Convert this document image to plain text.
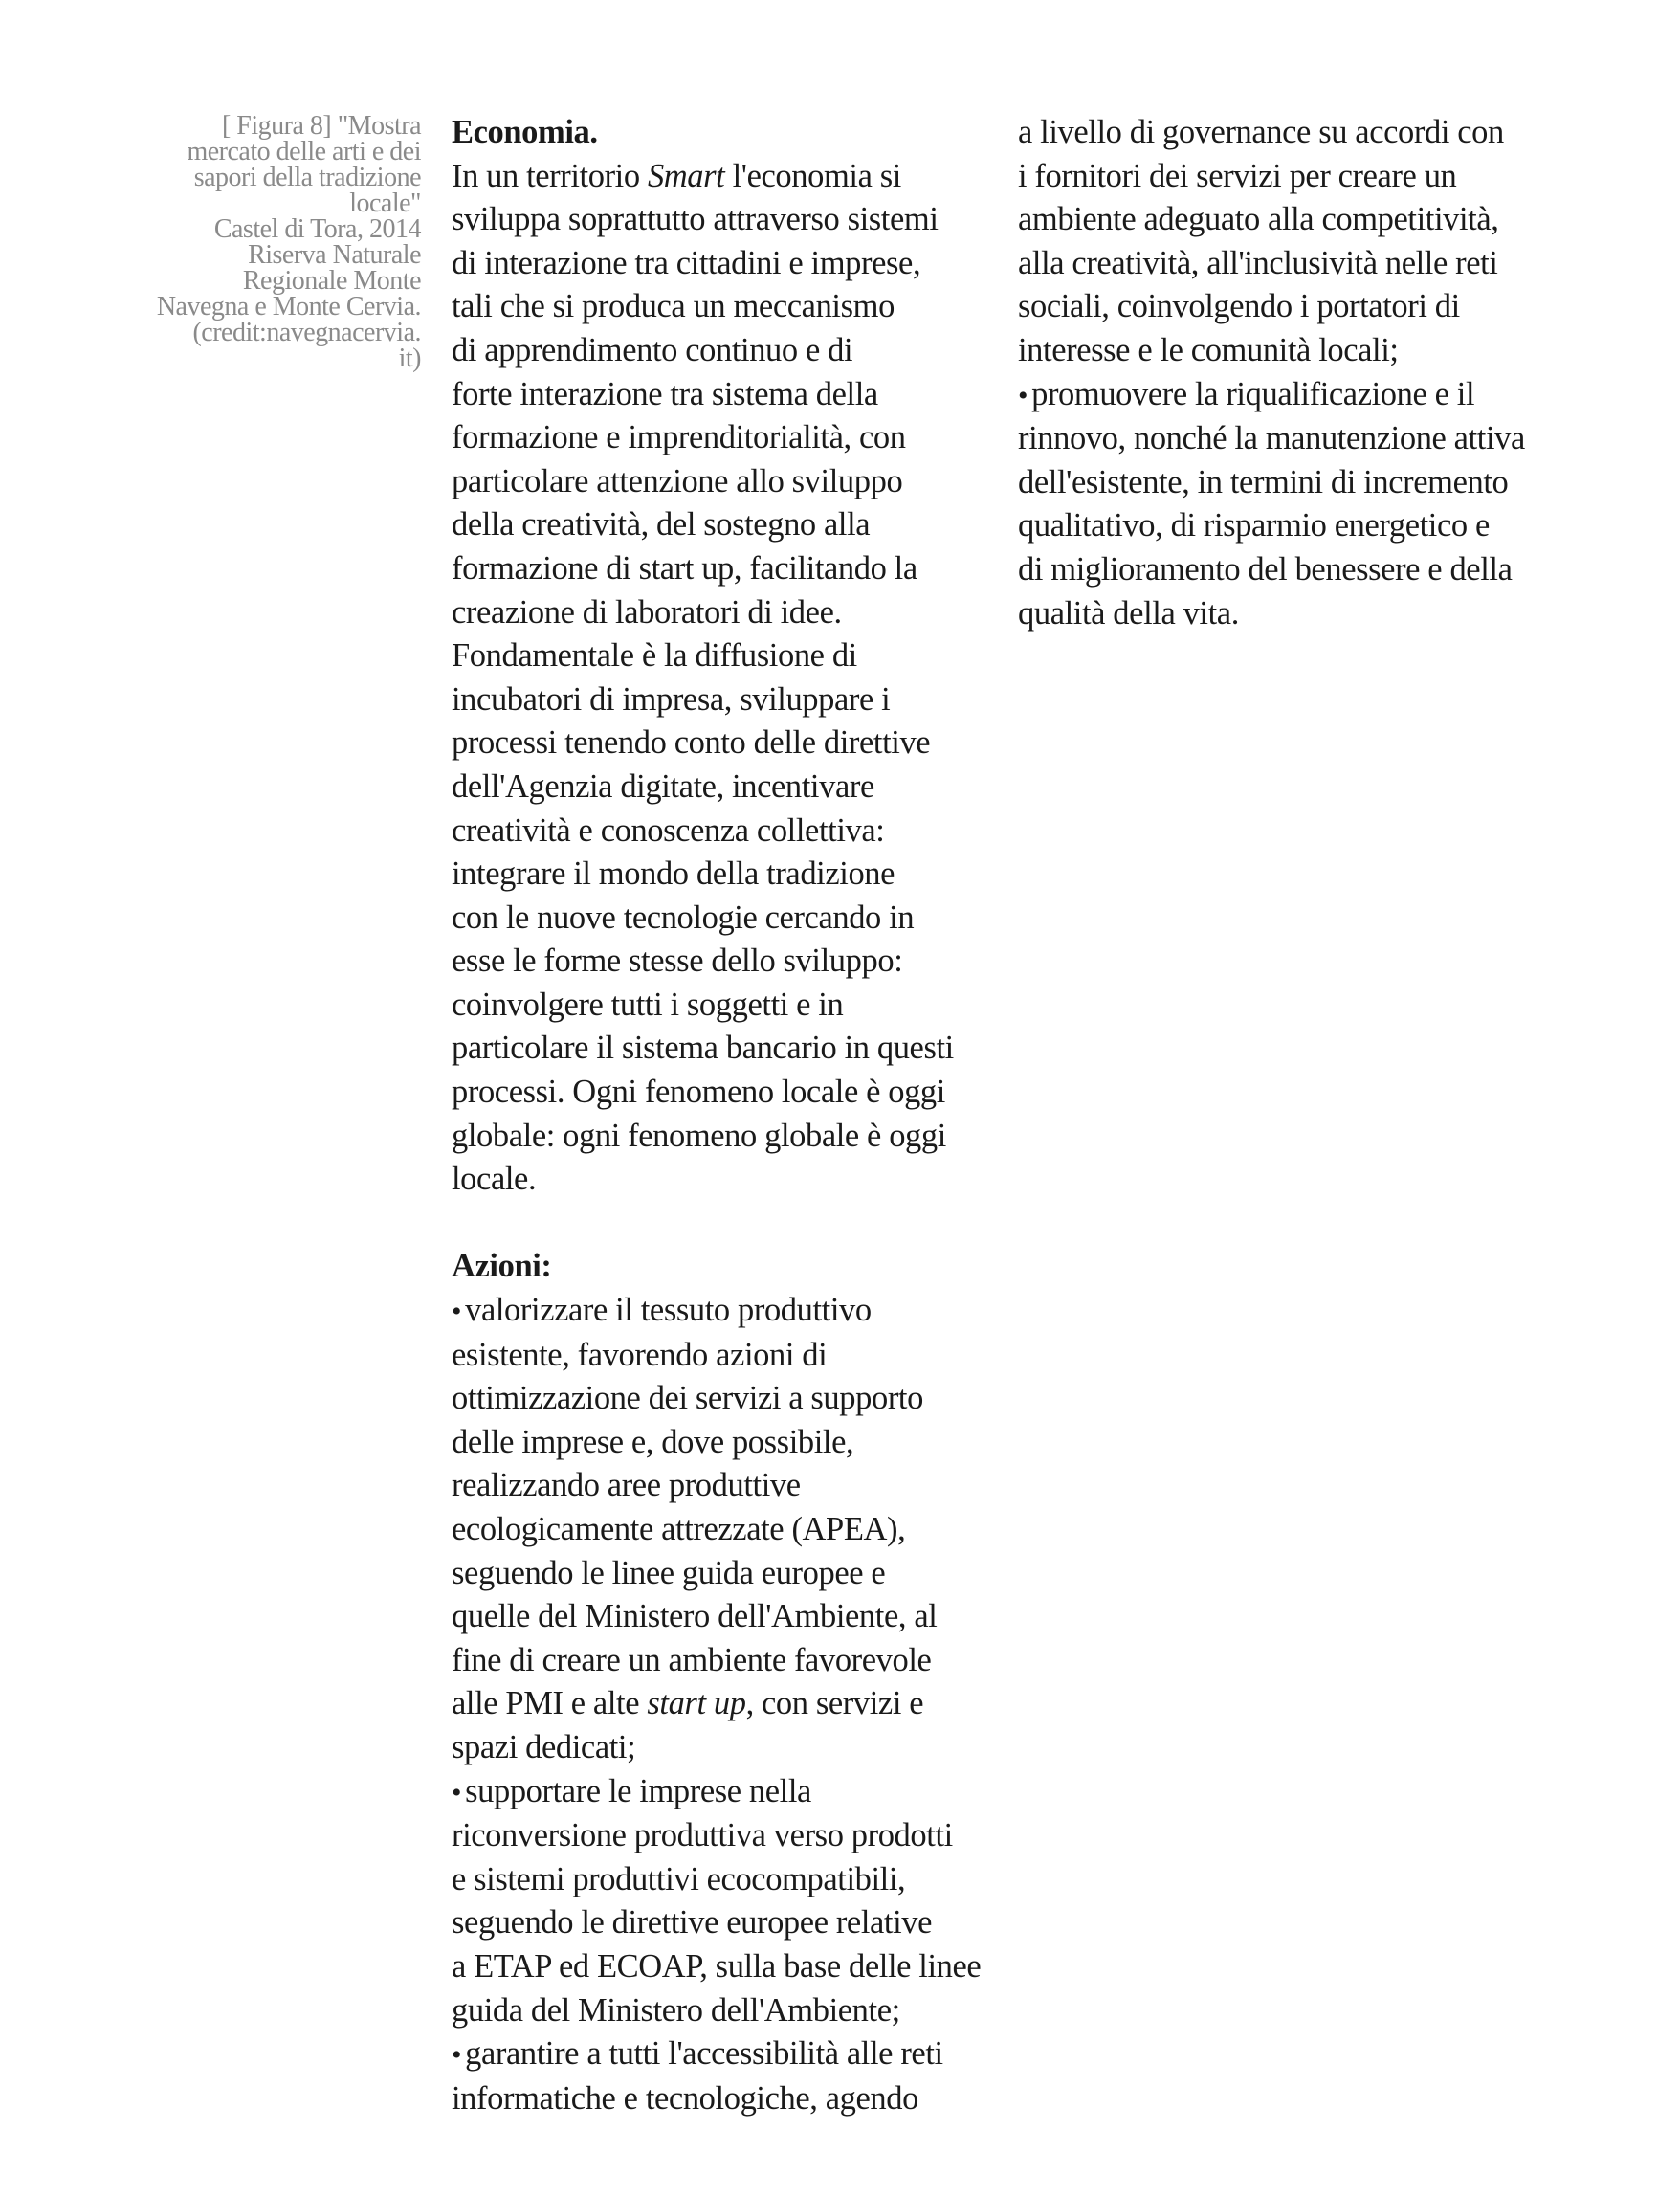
[ Figura 8] "Mostra
mercato delle arti e dei
sapori della tradizione
locale"
Castel di Tora, 2014
Riserva Naturale
Regionale Monte
Navegna e Monte Cervia.
(credit:navegnacervia.
it)
Economia.
In un territorio Smart l'economia si
sviluppa soprattutto attraverso sistemi
di interazione tra cittadini e imprese,
tali che si produca un meccanismo
di apprendimento continuo e di
forte interazione tra sistema della
formazione e imprenditorialità, con
particolare attenzione allo sviluppo
della creatività, del sostegno alla
formazione di start up, facilitando la
creazione di laboratori di idee.
Fondamentale è la diffusione di
incubatori di impresa, sviluppare i
processi tenendo conto delle direttive
dell'Agenzia digitate, incentivare
creatività e conoscenza collettiva:
integrare il mondo della tradizione
con le nuove tecnologie cercando in
esse le forme stesse dello sviluppo:
coinvolgere tutti i soggetti e in
particolare il sistema bancario in questi
processi. Ogni fenomeno locale è oggi
globale: ogni fenomeno globale è oggi
locale.
Azioni:
• valorizzare il tessuto produttivo
esistente, favorendo azioni di
ottimizzazione dei servizi a supporto
delle imprese e, dove possibile,
realizzando aree produttive
ecologicamente attrezzate (APEA),
seguendo le linee guida europee e
quelle del Ministero dell'Ambiente, al
fine di creare un ambiente favorevole
alle PMI e alte start up, con servizi e
spazi dedicati;
• supportare le imprese nella
riconversione produttiva verso prodotti
e sistemi produttivi ecocompatibili,
seguendo le direttive europee relative
a ETAP ed ECOAP, sulla base delle linee
guida del Ministero dell'Ambiente;
• garantire a tutti l'accessibilità alle reti
informatiche e tecnologiche, agendo
a livello di governance su accordi con
i fornitori dei servizi per creare un
ambiente adeguato alla competitività,
alla creatività, all'inclusività nelle reti
sociali, coinvolgendo i portatori di
interesse e le comunità locali;
• promuovere la riqualificazione e il
rinnovo, nonché la manutenzione attiva
dell'esistente, in termini di incremento
qualitativo, di risparmio energetico e
di miglioramento del benessere e della
qualità della vita.
